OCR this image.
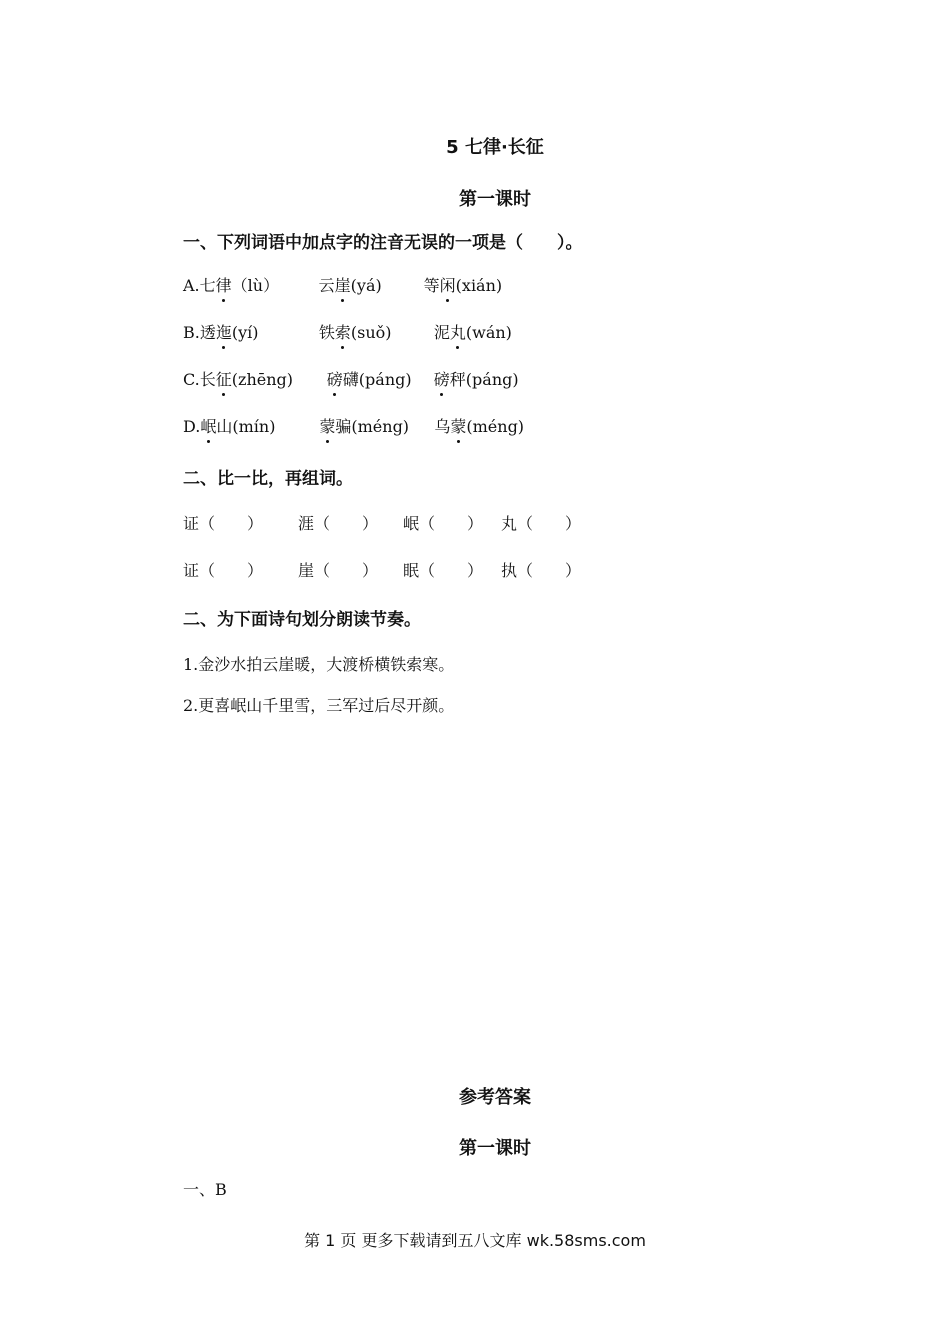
5 七律·长征
第一课时
一、下列词语中加点字的注音无误的一项是（　　）。
A.七律（lù） 云崖(yá)	等闲(xián)
B.透迤(yí)	铁索(suǒ)	泥丸(wán)
C.长征(zhēng) 磅礴(páng) 磅秤(páng)
D.岷山(mín)	蒙骗(méng) 乌蒙(méng)
二、比一比，再组词。
证（　　） 涯（　　） 岷（　　） 丸（　　）
证（　　） 崖（　　） 眠（　　） 执（　　）
二、为下面诗句划分朗读节奏。
1.金沙水拍云崖暖，大渡桥横铁索寒。
2.更喜岷山千里雪，三军过后尽开颜。
参考答案
第一课时
一、B
第 1 页 更多下载请到五八文库 wk.58sms.com
